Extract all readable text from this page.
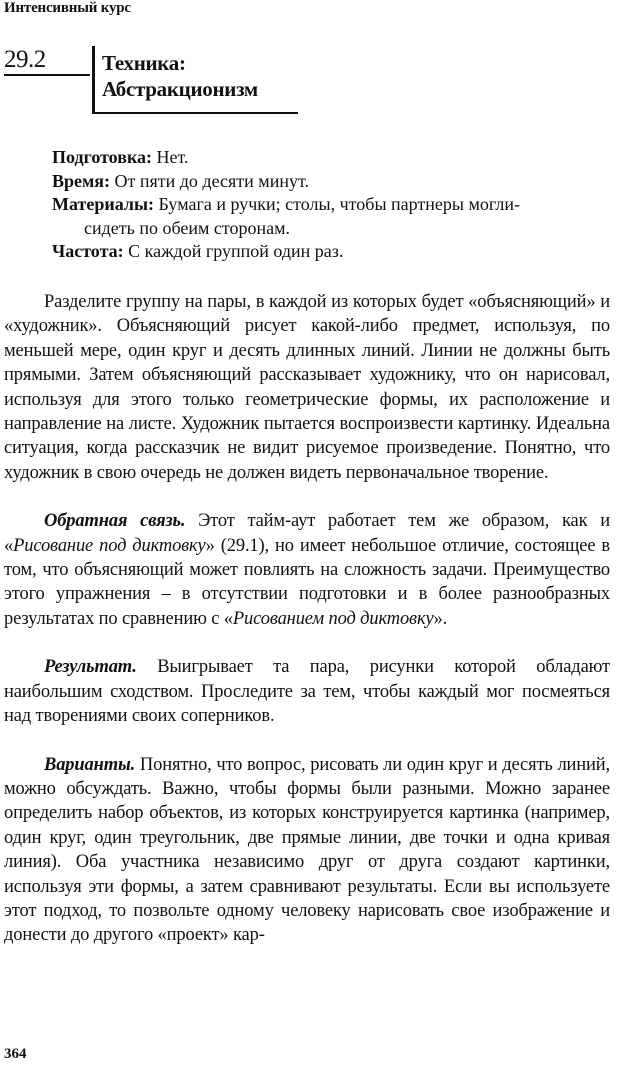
Интенсивный курс
29.2	Техника:
Абстракционизм

Подготовка: Нет.

Время: От пяти до десяти минут.

Материалы: Бумага и ручки; столы, чтобы партнеры могли-
сидеть по обеим сторонам.

Частота: С каждой группой один раз.

Разделите группу на пары, в каждой из которых будет «объясняющий» и «художник». Объясняющий рисует какой-либо предмет, используя, по меньшей мере, один круг и десять длинных линий. Линии не должны быть прямыми. Затем объясняющий рассказывает художнику, что он нарисовал, используя для этого только геометрические формы, их расположение и направление на листе. Художник пытается воспроизвести картинку. Идеальна ситуация, когда рассказчик не видит рисуемое произведение. Понятно, что художник в свою очередь не должен видеть первоначальное творение.

Обратная связь. Этот тайм-аут работает тем же образом, как и «Рисование под диктовку» (29.1), но имеет небольшое отличие, состоящее в том, что объясняющий может повлиять на сложность задачи. Преимущество этого упражнения – в отсутствии подготовки и в более разнообразных результатах по сравнению с «Рисованием под диктовку».

Результат. Выигрывает та пара, рисунки которой обладают наибольшим сходством. Проследите за тем, чтобы каждый мог посмеяться над творениями своих соперников.

Варианты. Понятно, что вопрос, рисовать ли один круг и десять линий, можно обсуждать. Важно, чтобы формы были разными. Можно заранее определить набор объектов, из которых конструируется картинка (например, один круг, один треугольник, две прямые линии, две точки и одна кривая линия). Оба участника независимо друг от друга создают картинки, используя эти формы, а затем сравнивают результаты. Если вы используете этот подход, то позвольте одному человеку нарисовать свое изображение и донести до другого «проект» кар-

364
